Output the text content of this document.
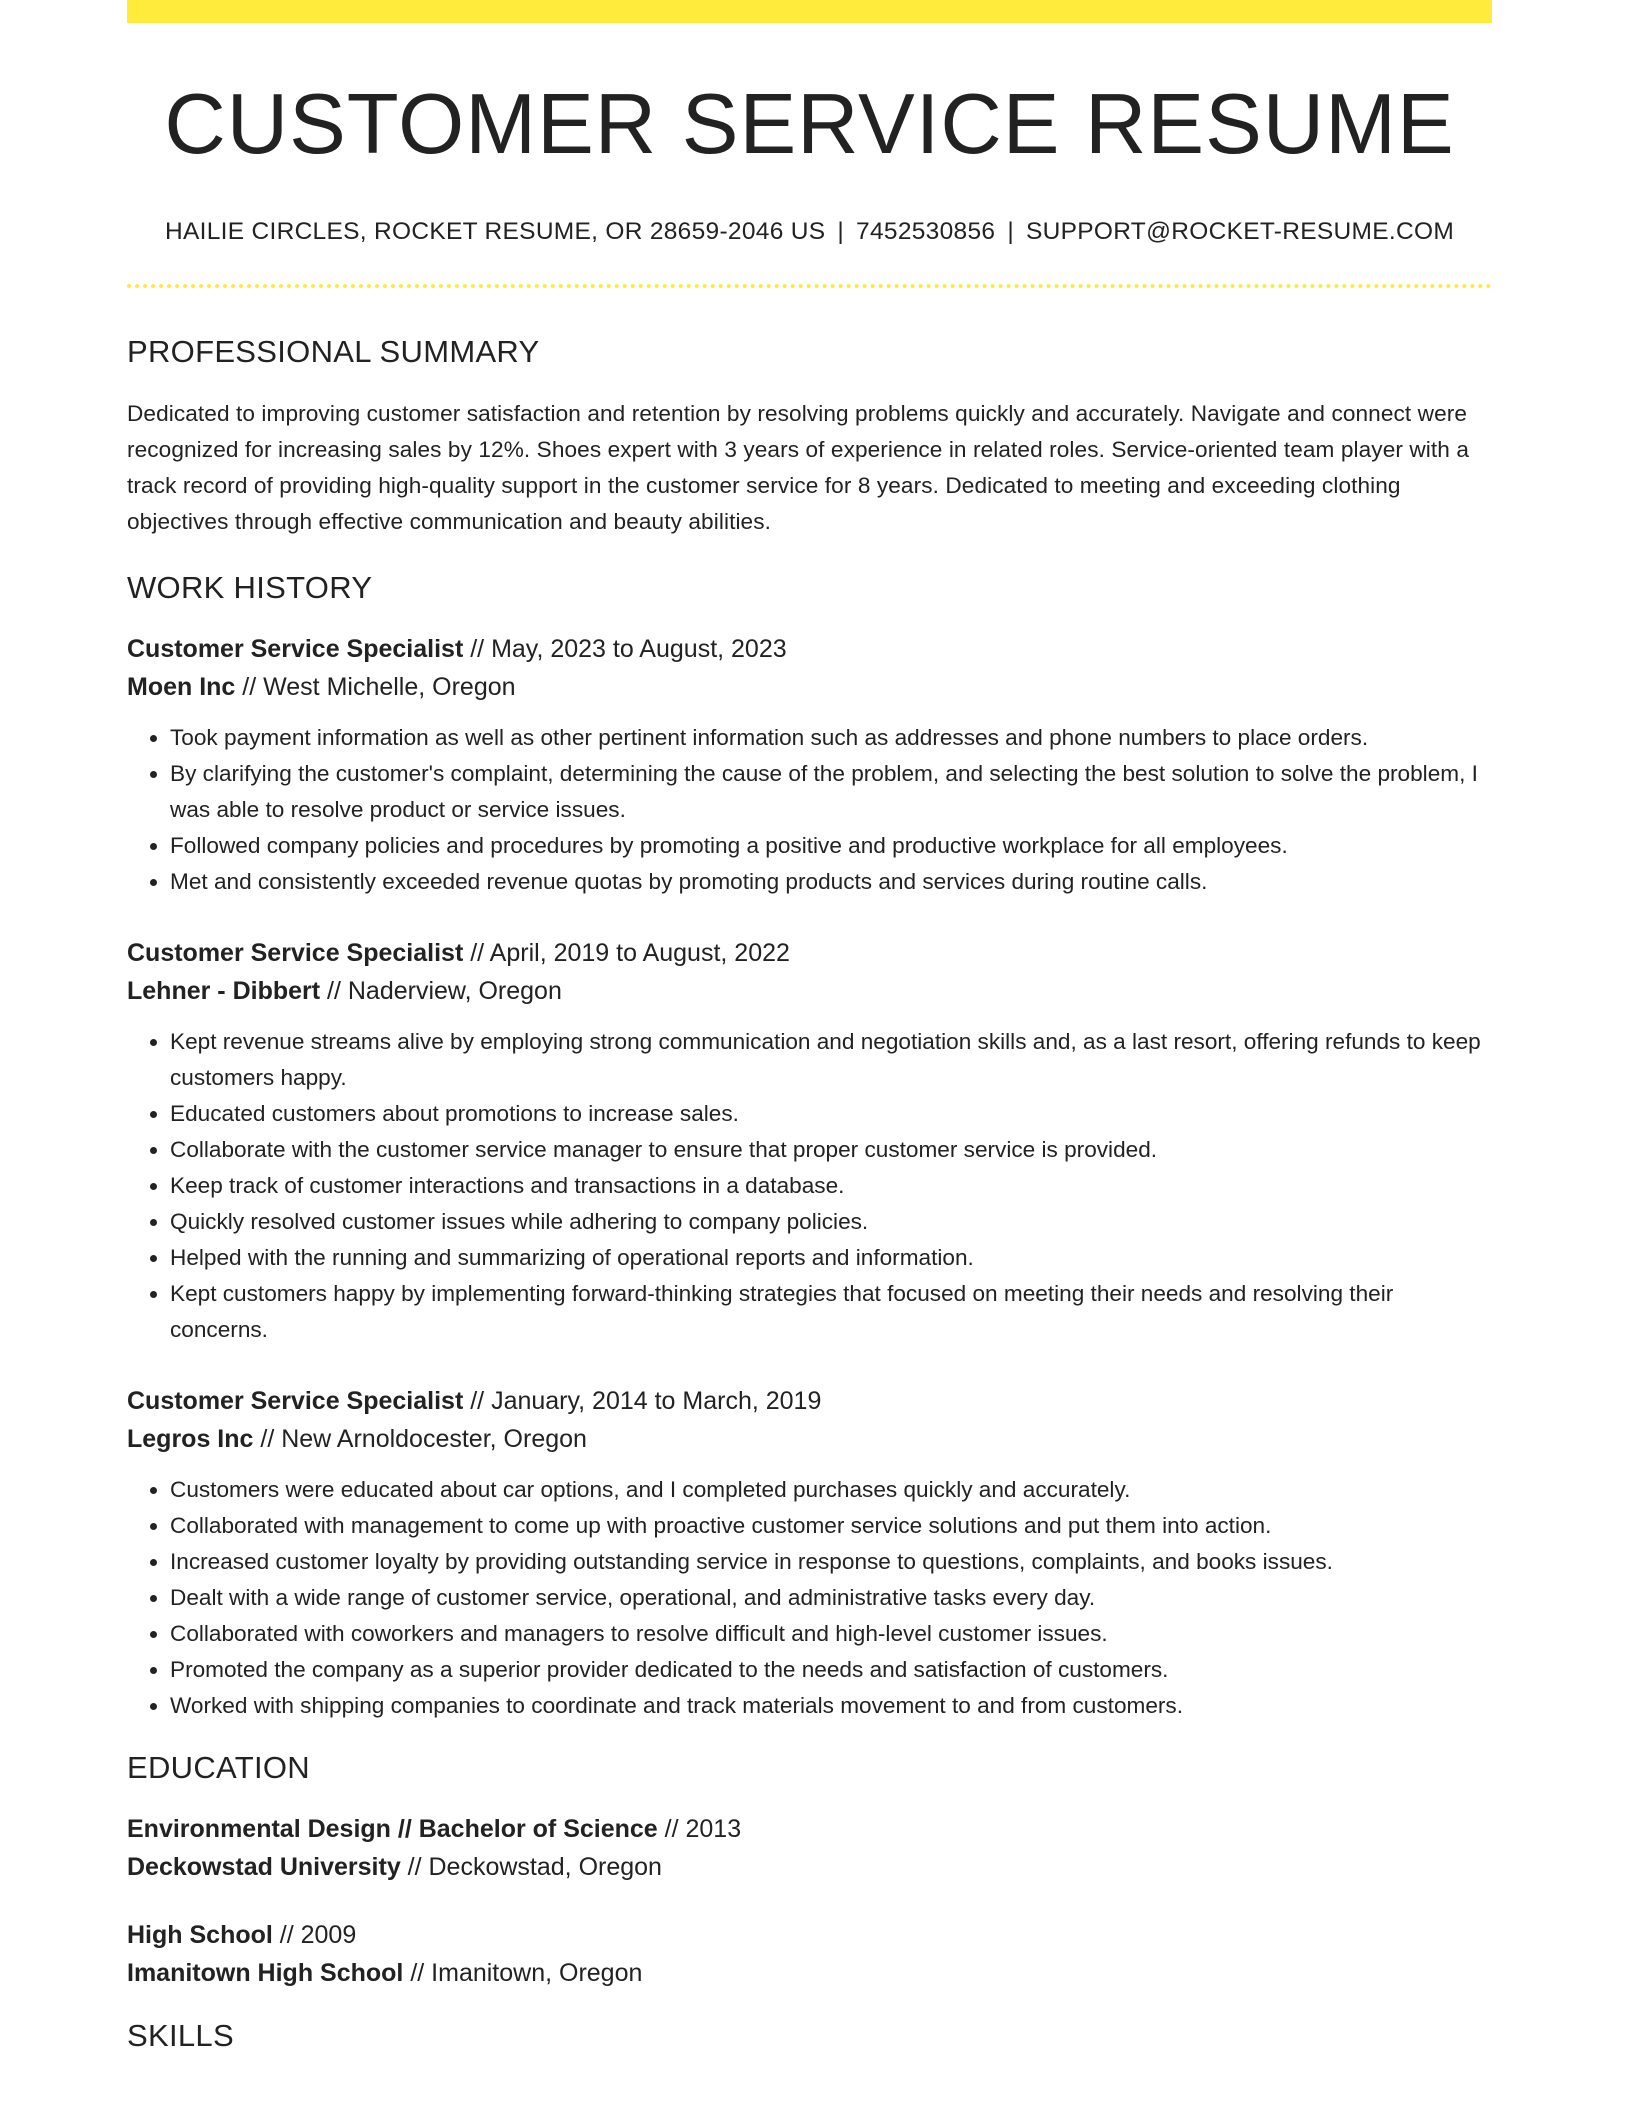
CUSTOMER SERVICE RESUME
HAILIE CIRCLES, ROCKET RESUME, OR 28659-2046 US | 7452530856 | SUPPORT@ROCKET-RESUME.COM
PROFESSIONAL SUMMARY
Dedicated to improving customer satisfaction and retention by resolving problems quickly and accurately. Navigate and connect were recognized for increasing sales by 12%. Shoes expert with 3 years of experience in related roles. Service-oriented team player with a track record of providing high-quality support in the customer service for 8 years. Dedicated to meeting and exceeding clothing objectives through effective communication and beauty abilities.
WORK HISTORY
Customer Service Specialist // May, 2023 to August, 2023
Moen Inc // West Michelle, Oregon
• Took payment information as well as other pertinent information such as addresses and phone numbers to place orders.
• By clarifying the customer's complaint, determining the cause of the problem, and selecting the best solution to solve the problem, I was able to resolve product or service issues.
• Followed company policies and procedures by promoting a positive and productive workplace for all employees.
• Met and consistently exceeded revenue quotas by promoting products and services during routine calls.
Customer Service Specialist // April, 2019 to August, 2022
Lehner - Dibbert // Naderview, Oregon
• Kept revenue streams alive by employing strong communication and negotiation skills and, as a last resort, offering refunds to keep customers happy.
• Educated customers about promotions to increase sales.
• Collaborate with the customer service manager to ensure that proper customer service is provided.
• Keep track of customer interactions and transactions in a database.
• Quickly resolved customer issues while adhering to company policies.
• Helped with the running and summarizing of operational reports and information.
• Kept customers happy by implementing forward-thinking strategies that focused on meeting their needs and resolving their concerns.
Customer Service Specialist // January, 2014 to March, 2019
Legros Inc // New Arnoldocester, Oregon
• Customers were educated about car options, and I completed purchases quickly and accurately.
• Collaborated with management to come up with proactive customer service solutions and put them into action.
• Increased customer loyalty by providing outstanding service in response to questions, complaints, and books issues.
• Dealt with a wide range of customer service, operational, and administrative tasks every day.
• Collaborated with coworkers and managers to resolve difficult and high-level customer issues.
• Promoted the company as a superior provider dedicated to the needs and satisfaction of customers.
• Worked with shipping companies to coordinate and track materials movement to and from customers.
EDUCATION
Environmental Design // Bachelor of Science // 2013
Deckowstad University // Deckowstad, Oregon
High School // 2009
Imanitown High School // Imanitown, Oregon
SKILLS
